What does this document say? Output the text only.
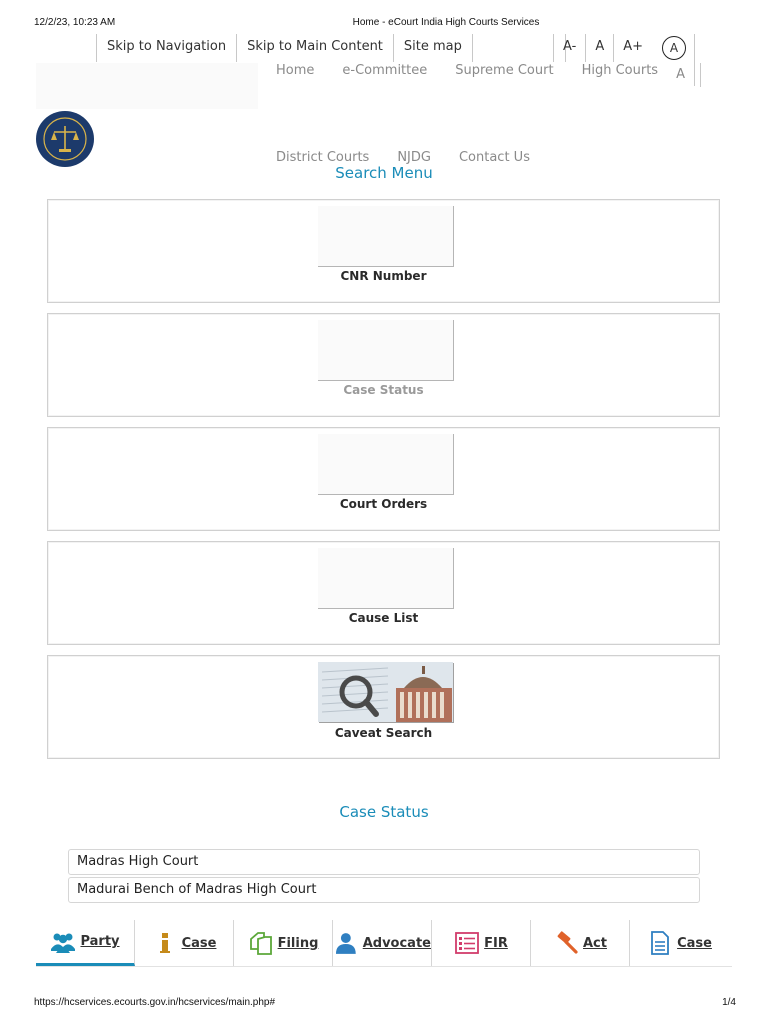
12/2/23, 10:23 AM	Home - eCourt India High Courts Services
Skip to Navigation	Skip to Main Content	Site map	A-	A	A+	A
Home	e-Committee	Supreme Court	High Courts	A
District Courts	NJDG	Contact Us
Search Menu
CNR Number
Case Status
Court Orders
Cause List
Caveat Search
Case Status
Madras High Court
Madurai Bench of Madras High Court
Party	Case	Filing	Advocate	FIR	Act	Case
https://hcservices.ecourts.gov.in/hcservices/main.php#	1/4
